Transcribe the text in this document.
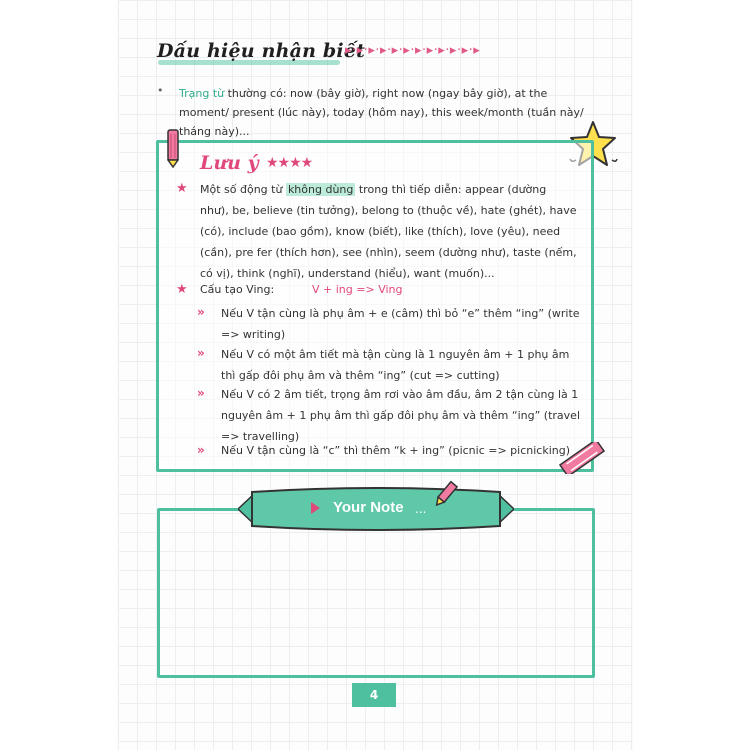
Dấu hiệu nhận biết
▸·▸·▸·▸·▸·▸·▸·▸·▸·▸·▸·▸
• Trạng từ thường có: now (bây giờ), right now (ngay bây giờ), at the moment/ present (lúc này), today (hôm nay), this week/month (tuần này/ tháng này)...
Lưu ý ★★★★
★ Một số động từ không dùng trong thì tiếp diễn: appear (dường như), be, believe (tin tưởng), belong to (thuộc về), hate (ghét), have (có), include (bao gồm), know (biết), like (thích), love (yêu), need (cần), pre fer (thích hơn), see (nhìn), seem (dường như), taste (nếm, có vị), think (nghĩ), understand (hiểu), want (muốn)...
★ Cấu tạo Ving:	V + ing => Ving
» Nếu V tận cùng là phụ âm + e (câm) thì bỏ “e” thêm “ing” (write => writing)
» Nếu V có một âm tiết mà tận cùng là 1 nguyên âm + 1 phụ âm thì gấp đôi phụ âm và thêm “ing” (cut => cutting)
» Nếu V có 2 âm tiết, trọng âm rơi vào âm đầu, âm 2 tận cùng là 1 nguyên âm + 1 phụ âm thì gấp đôi phụ âm và thêm “ing” (travel => travelling)
» Nếu V tận cùng là “c” thì thêm “k + ing” (picnic => picnicking)
Your Note ...
4
